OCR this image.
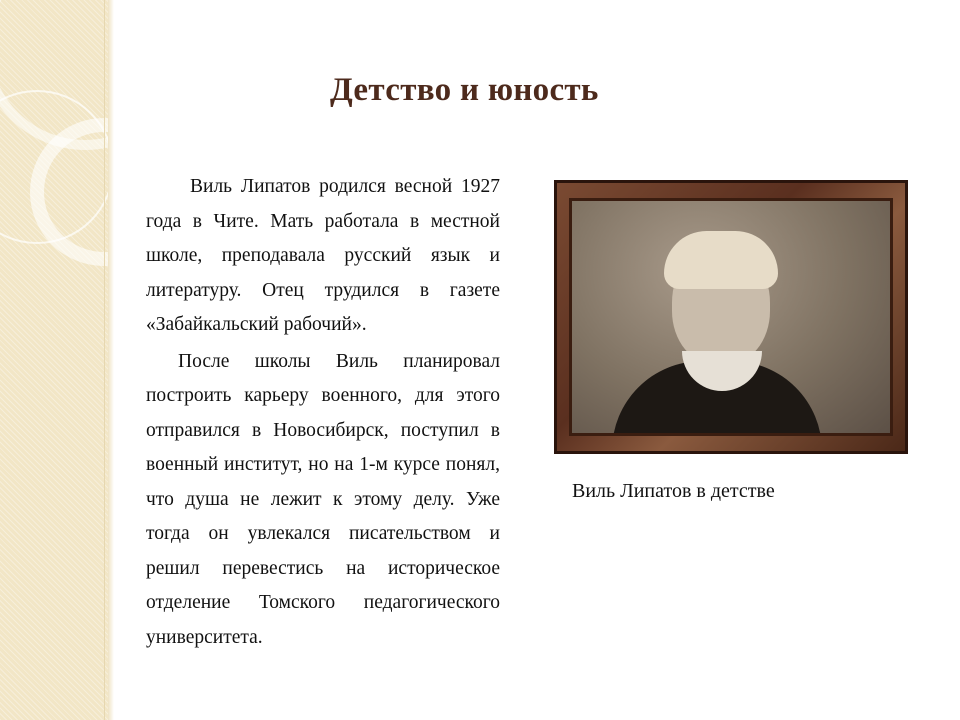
Детство и юность

Виль Липатов родился весной 1927 года в Чите. Мать работала в местной школе, преподавала русский язык и литературу. Отец трудился в газете «Забайкальский рабочий».

После школы Виль планировал построить карьеру военного, для этого отправился в Новосибирск, поступил в военный институт, но на 1-м курсе понял, что душа не лежит к этому делу. Уже тогда он увлекался писательством и решил перевестись на историческое отделение Томского педагогического университета.

Виль Липатов в детстве
